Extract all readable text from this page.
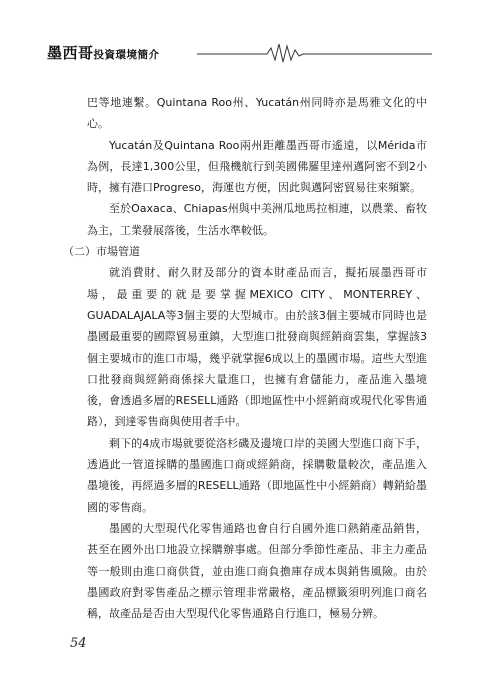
墨西哥投資環境簡介

巴等地連繫。Quintana Roo州、Yucatán州同時亦是馬雅文化的中心。

Yucatán及Quintana Roo兩州距離墨西哥市遙遠，以Mérida市為例，長達1,300公里，但飛機航行到美國佛羅里達州邁阿密不到2小時，擁有港口Progreso，海運也方便，因此與邁阿密貿易往來頻繁。

至於Oaxaca、Chiapas州與中美洲瓜地馬拉相連，以農業、畜牧為主，工業發展落後，生活水準較低。

（二）市場管道

就消費財、耐久財及部分的資本財產品而言，擬拓展墨西哥市場，最重要的就是要掌握MEXICO CITY、MONTERREY、GUADALAJALA等3個主要的大型城市。由於該3個主要城市同時也是墨國最重要的國際貿易重鎮，大型進口批發商與經銷商雲集，掌握該3個主要城市的進口市場，幾乎就掌握6成以上的墨國市場。這些大型進口批發商與經銷商係採大量進口，也擁有倉儲能力，產品進入墨境後，會透過多層的RESELL通路（即地區性中小經銷商或現代化零售通路），到達零售商與使用者手中。

剩下的4成市場就要從洛杉磯及邊境口岸的美國大型進口商下手，透過此一管道採購的墨國進口商或經銷商，採購數量較次，產品進入墨境後，再經過多層的RESELL通路（即地區性中小經銷商）轉銷給墨國的零售商。

墨國的大型現代化零售通路也會自行自國外進口熱銷產品銷售，甚至在國外出口地設立採購辦事處。但部分季節性產品、非主力產品等一般則由進口商供貨，並由進口商負擔庫存成本與銷售風險。由於墨國政府對零售產品之標示管理非常嚴格，產品標籤須明列進口商名稱，故產品是否由大型現代化零售通路自行進口，極易分辨。

54
